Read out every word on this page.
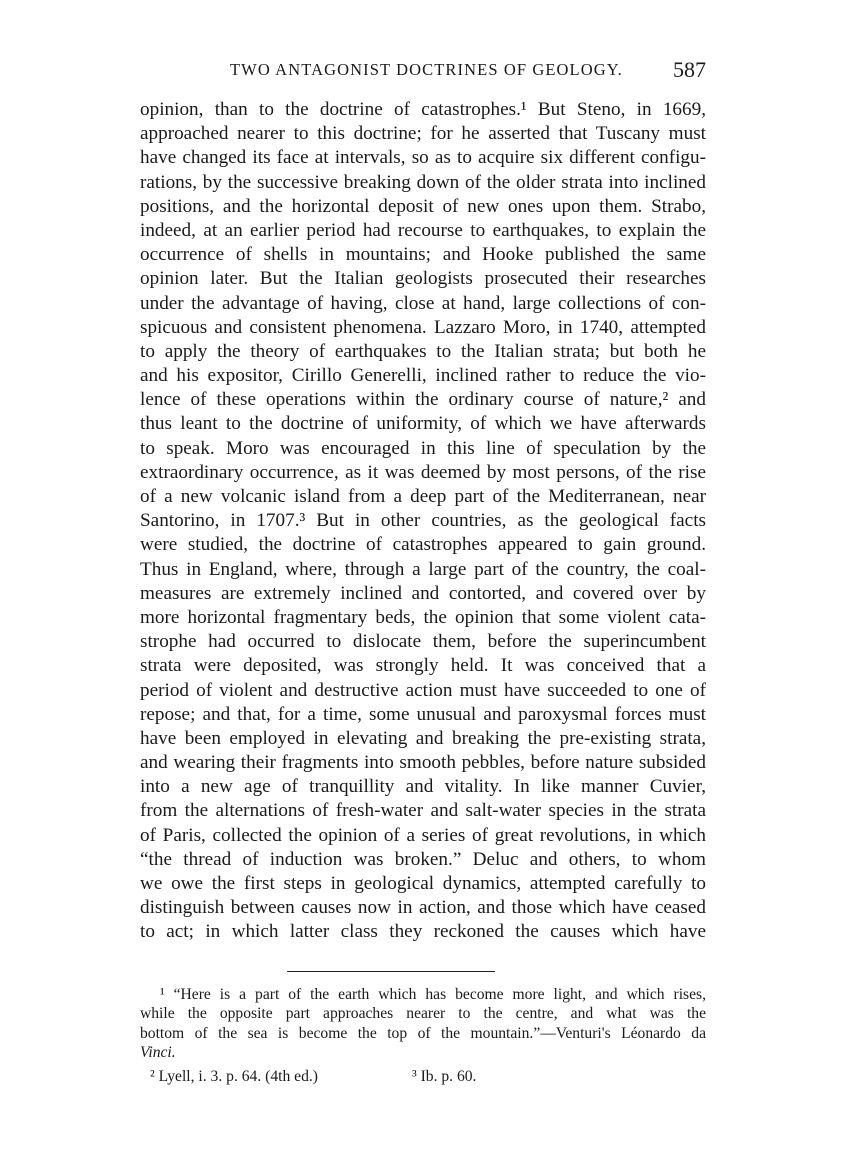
TWO ANTAGONIST DOCTRINES OF GEOLOGY. 587
opinion, than to the doctrine of catastrophes.¹ But Steno, in 1669,
approached nearer to this doctrine; for he asserted that Tuscany must
have changed its face at intervals, so as to acquire six different configu-
rations, by the successive breaking down of the older strata into inclined
positions, and the horizontal deposit of new ones upon them. Strabo,
indeed, at an earlier period had recourse to earthquakes, to explain the
occurrence of shells in mountains; and Hooke published the same
opinion later. But the Italian geologists prosecuted their researches
under the advantage of having, close at hand, large collections of con-
spicuous and consistent phenomena. Lazzaro Moro, in 1740, attempted
to apply the theory of earthquakes to the Italian strata; but both he
and his expositor, Cirillo Generelli, inclined rather to reduce the vio-
lence of these operations within the ordinary course of nature,² and
thus leant to the doctrine of uniformity, of which we have afterwards
to speak. Moro was encouraged in this line of speculation by the
extraordinary occurrence, as it was deemed by most persons, of the rise
of a new volcanic island from a deep part of the Mediterranean, near
Santorino, in 1707.³ But in other countries, as the geological facts
were studied, the doctrine of catastrophes appeared to gain ground.
Thus in England, where, through a large part of the country, the coal-
measures are extremely inclined and contorted, and covered over by
more horizontal fragmentary beds, the opinion that some violent cata-
strophe had occurred to dislocate them, before the superincumbent
strata were deposited, was strongly held. It was conceived that a
period of violent and destructive action must have succeeded to one of
repose; and that, for a time, some unusual and paroxysmal forces must
have been employed in elevating and breaking the pre-existing strata,
and wearing their fragments into smooth pebbles, before nature subsided
into a new age of tranquillity and vitality. In like manner Cuvier,
from the alternations of fresh-water and salt-water species in the strata
of Paris, collected the opinion of a series of great revolutions, in which
“the thread of induction was broken.” Deluc and others, to whom
we owe the first steps in geological dynamics, attempted carefully to
distinguish between causes now in action, and those which have ceased
to act; in which latter class they reckoned the causes which have
¹ “Here is a part of the earth which has become more light, and which rises,
while the opposite part approaches nearer to the centre, and what was the
bottom of the sea is become the top of the mountain.”—Venturi's Léonardo da
Vinci.
² Lyell, i. 3. p. 64. (4th ed.)	³ Ib. p. 60.
